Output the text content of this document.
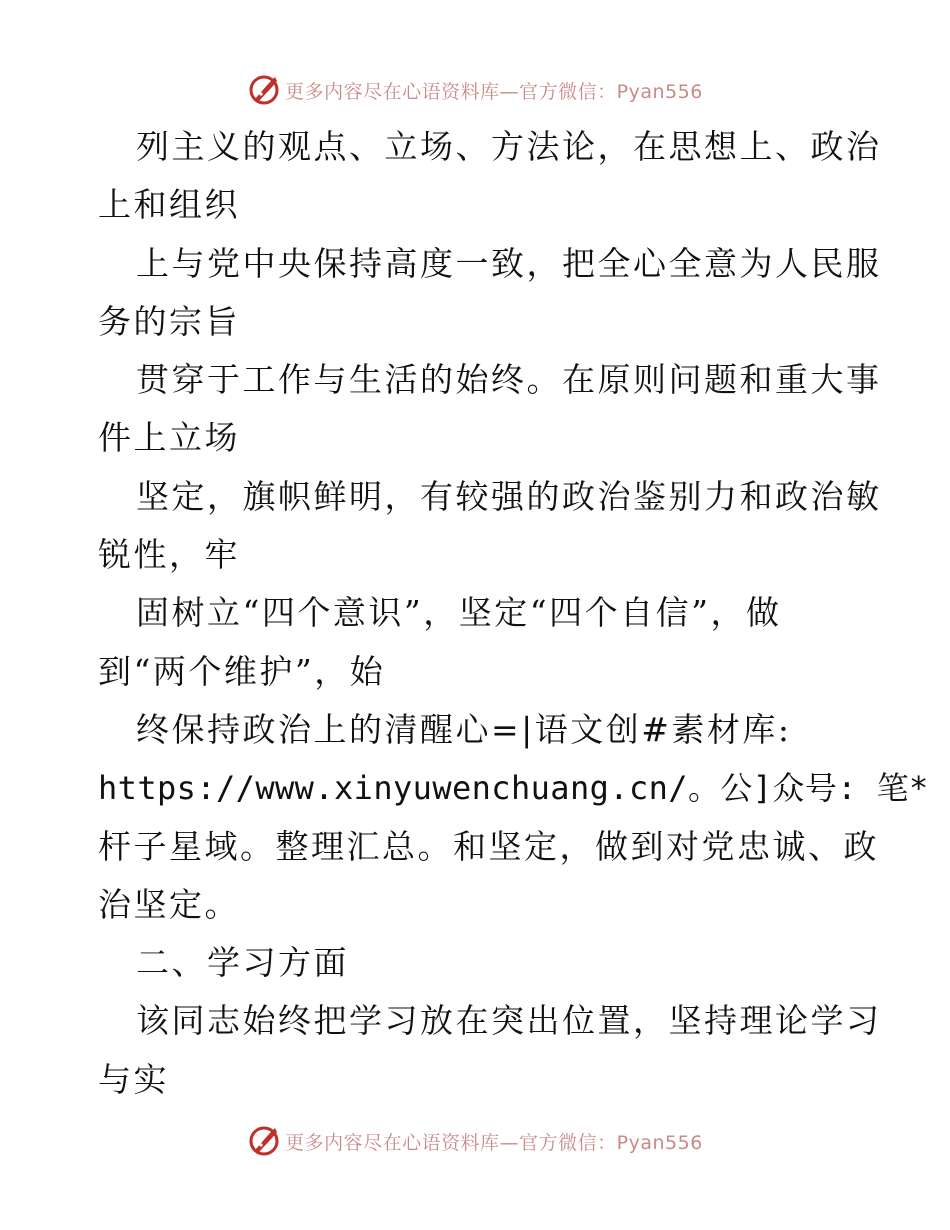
更多内容尽在心语资料库—官方微信：Pyan556
列主义的观点、立场、方法论，在思想上、政治
上和组织
上与党中央保持高度一致，把全心全意为人民服
务的宗旨
贯穿于工作与生活的始终。在原则问题和重大事
件上立场
坚定，旗帜鲜明，有较强的政治鉴别力和政治敏
锐性，牢
固树立“四个意识”，坚定“四个自信”，做
到“两个维护”，始
终保持政治上的清醒心=|语文创#素材库:
https://www.xinyuwenchuang.cn/。公]众号: 笔*
杆子星域。整理汇总。和坚定，做到对党忠诚、政
治坚定。
二、学习方面
该同志始终把学习放在突出位置，坚持理论学习
与实
更多内容尽在心语资料库—官方微信：Pyan556
